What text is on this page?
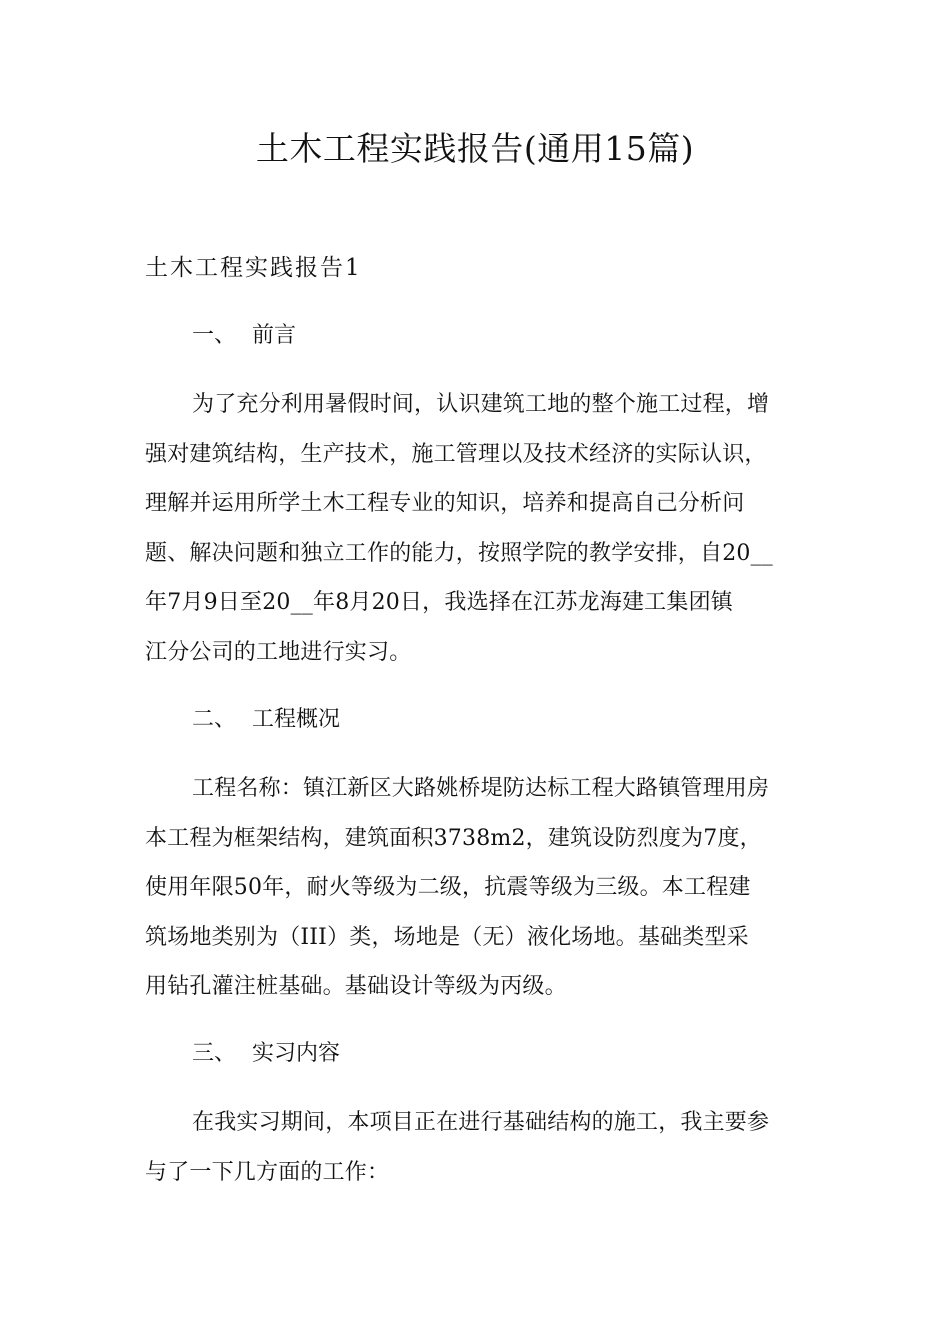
土木工程实践报告(通用15篇)
土木工程实践报告1
一、 前言

为了充分利用暑假时间，认识建筑工地的整个施工过程，增
强对建筑结构，生产技术，施工管理以及技术经济的实际认识，
理解并运用所学土木工程专业的知识，培养和提高自己分析问
题、解决问题和独立工作的能力，按照学院的教学安排，自20__
年7月9日至20__年8月20日，我选择在江苏龙海建工集团镇
江分公司的工地进行实习。

二、 工程概况

工程名称：镇江新区大路姚桥堤防达标工程大路镇管理用房
本工程为框架结构，建筑面积3738m2，建筑设防烈度为7度，
使用年限50年，耐火等级为二级，抗震等级为三级。本工程建
筑场地类别为（III）类，场地是（无）液化场地。基础类型采
用钻孔灌注桩基础。基础设计等级为丙级。

三、 实习内容

在我实习期间，本项目正在进行基础结构的施工，我主要参
与了一下几方面的工作：
